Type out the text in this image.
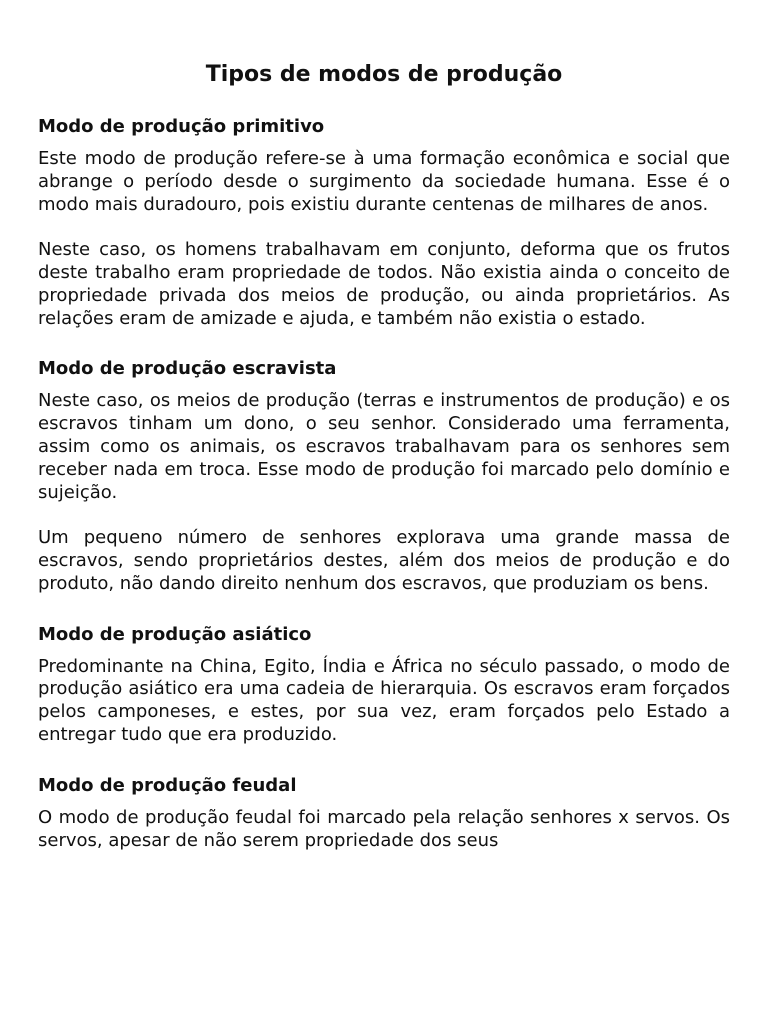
Tipos de modos de produção
Modo de produção primitivo

Este modo de produção refere-se à uma formação econômica e social que abrange o período desde o surgimento da sociedade humana. Esse é o modo mais duradouro, pois existiu durante centenas de milhares de anos.

Neste caso, os homens trabalhavam em conjunto, deforma que os frutos deste trabalho eram propriedade de todos. Não existia ainda o conceito de propriedade privada dos meios de produção, ou ainda proprietários. As relações eram de amizade e ajuda, e também não existia o estado.

Modo de produção escravista

Neste caso, os meios de produção (terras e instrumentos de produção) e os escravos tinham um dono, o seu senhor. Considerado uma ferramenta, assim como os animais, os escravos trabalhavam para os senhores sem receber nada em troca. Esse modo de produção foi marcado pelo domínio e sujeição.

Um pequeno número de senhores explorava uma grande massa de escravos, sendo proprietários destes, além dos meios de produção e do produto, não dando direito nenhum dos escravos, que produziam os bens.

Modo de produção asiático

Predominante na China, Egito, Índia e África no século passado, o modo de produção asiático era uma cadeia de hierarquia. Os escravos eram forçados pelos camponeses, e estes, por sua vez, eram forçados pelo Estado a entregar tudo que era produzido.

Modo de produção feudal

O modo de produção feudal foi marcado pela relação senhores x servos. Os servos, apesar de não serem propriedade dos seus
